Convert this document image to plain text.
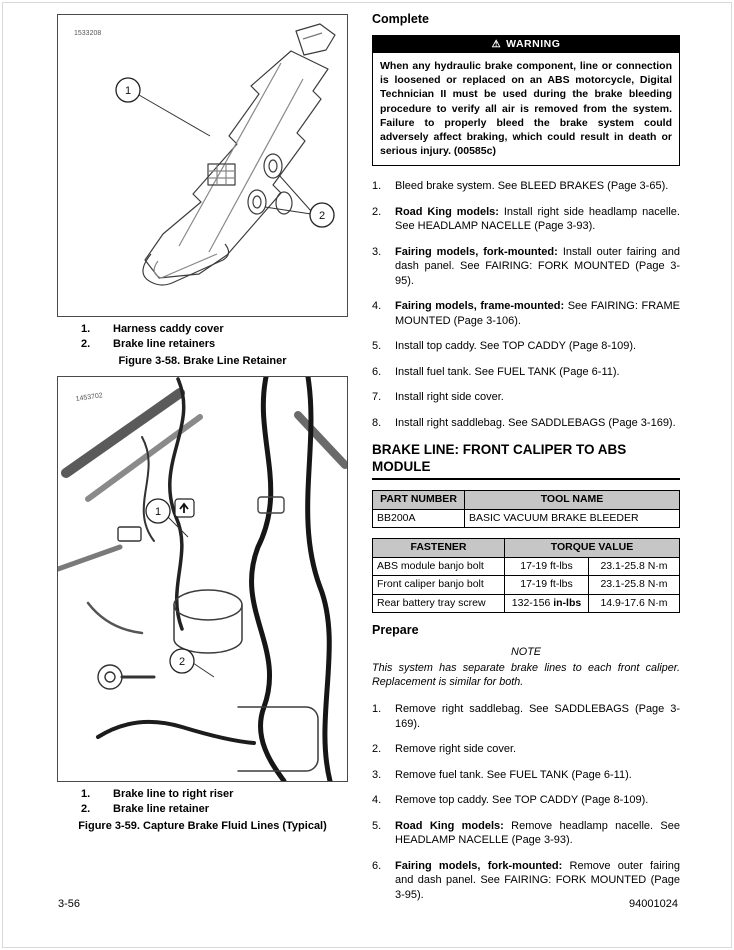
1533208
1
2
1.	Harness caddy cover
2.	Brake line retainers
Figure 3-58. Brake Line Retainer
1453702
1
2
1.	Brake line to right riser
2.	Brake line retainer
Figure 3-59. Capture Brake Fluid Lines (Typical)
Complete
⚠ WARNING
When any hydraulic brake component, line or connection is loosened or replaced on an ABS motorcycle, Digital Technician II must be used during the brake bleeding procedure to verify all air is removed from the system. Failure to properly bleed the brake system could adversely affect braking, which could result in death or serious injury. (00585c)
1.	Bleed brake system. See BLEED BRAKES (Page 3-65).
2.	Road King models: Install right side headlamp nacelle. See HEADLAMP NACELLE (Page 3-93).
3.	Fairing models, fork-mounted: Install outer fairing and dash panel. See FAIRING: FORK MOUNTED (Page 3-95).
4.	Fairing models, frame-mounted: See FAIRING: FRAME MOUNTED (Page 3-106).
5.	Install top caddy. See TOP CADDY (Page 8-109).
6.	Install fuel tank. See FUEL TANK (Page 6-11).
7.	Install right side cover.
8.	Install right saddlebag. See SADDLEBAGS (Page 3-169).
BRAKE LINE: FRONT CALIPER TO ABS MODULE
PART NUMBER	TOOL NAME
BB200A	BASIC VACUUM BRAKE BLEEDER
FASTENER	TORQUE VALUE	
ABS module banjo bolt	17-19 ft-lbs	23.1-25.8 N·m
Front caliper banjo bolt	17-19 ft-lbs	23.1-25.8 N·m
Rear battery tray screw	132-156 in-lbs	14.9-17.6 N·m
Prepare
NOTE
This system has separate brake lines to each front caliper. Replacement is similar for both.
1.	Remove right saddlebag. See SADDLEBAGS (Page 3-169).
2.	Remove right side cover.
3.	Remove fuel tank. See FUEL TANK (Page 6-11).
4.	Remove top caddy. See TOP CADDY (Page 8-109).
5.	Road King models: Remove headlamp nacelle. See HEADLAMP NACELLE (Page 3-93).
6.	Fairing models, fork-mounted: Remove outer fairing and dash panel. See FAIRING: FORK MOUNTED (Page 3-95).
3-56	94001024
